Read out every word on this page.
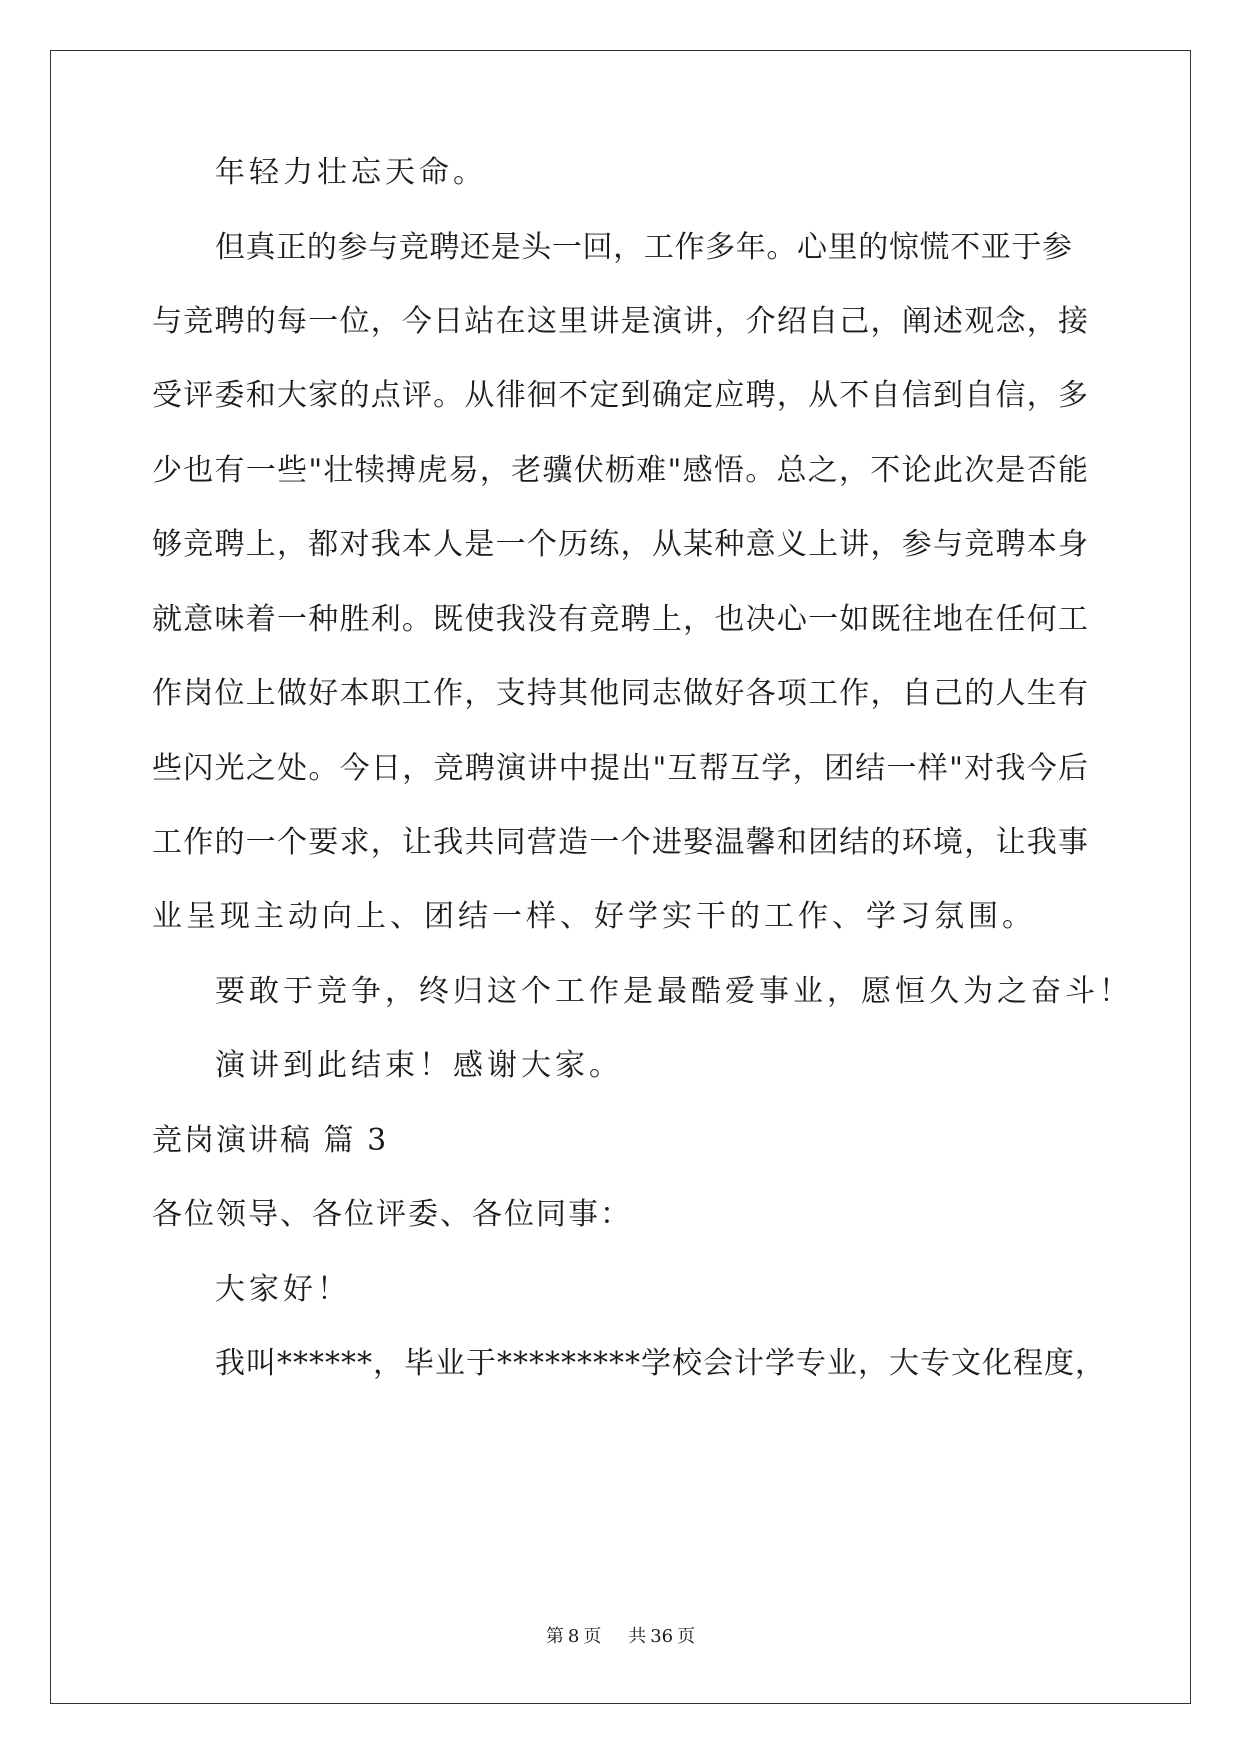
年轻力壮忘天命。
但真正的参与竞聘还是头一回，工作多年。心里的惊慌不亚于参
与竞聘的每一位，今日站在这里讲是演讲，介绍自己，阐述观念，接
受评委和大家的点评。从徘徊不定到确定应聘，从不自信到自信，多
少也有一些"壮犊搏虎易，老骥伏枥难"感悟。总之，不论此次是否能
够竞聘上，都对我本人是一个历练，从某种意义上讲，参与竞聘本身
就意味着一种胜利。既使我没有竞聘上，也决心一如既往地在任何工
作岗位上做好本职工作，支持其他同志做好各项工作，自己的人生有
些闪光之处。今日，竞聘演讲中提出"互帮互学，团结一样"对我今后
工作的一个要求，让我共同营造一个进娶温馨和团结的环境，让我事
业呈现主动向上、团结一样、好学实干的工作、学习氛围。
要敢于竞争，终归这个工作是最酷爱事业，愿恒久为之奋斗！
演讲到此结束！感谢大家。
竞岗演讲稿 篇 3
各位领导、各位评委、各位同事：
大家好！
我叫******，毕业于*********学校会计学专业，大专文化程度，
第 8 页 共 36 页
